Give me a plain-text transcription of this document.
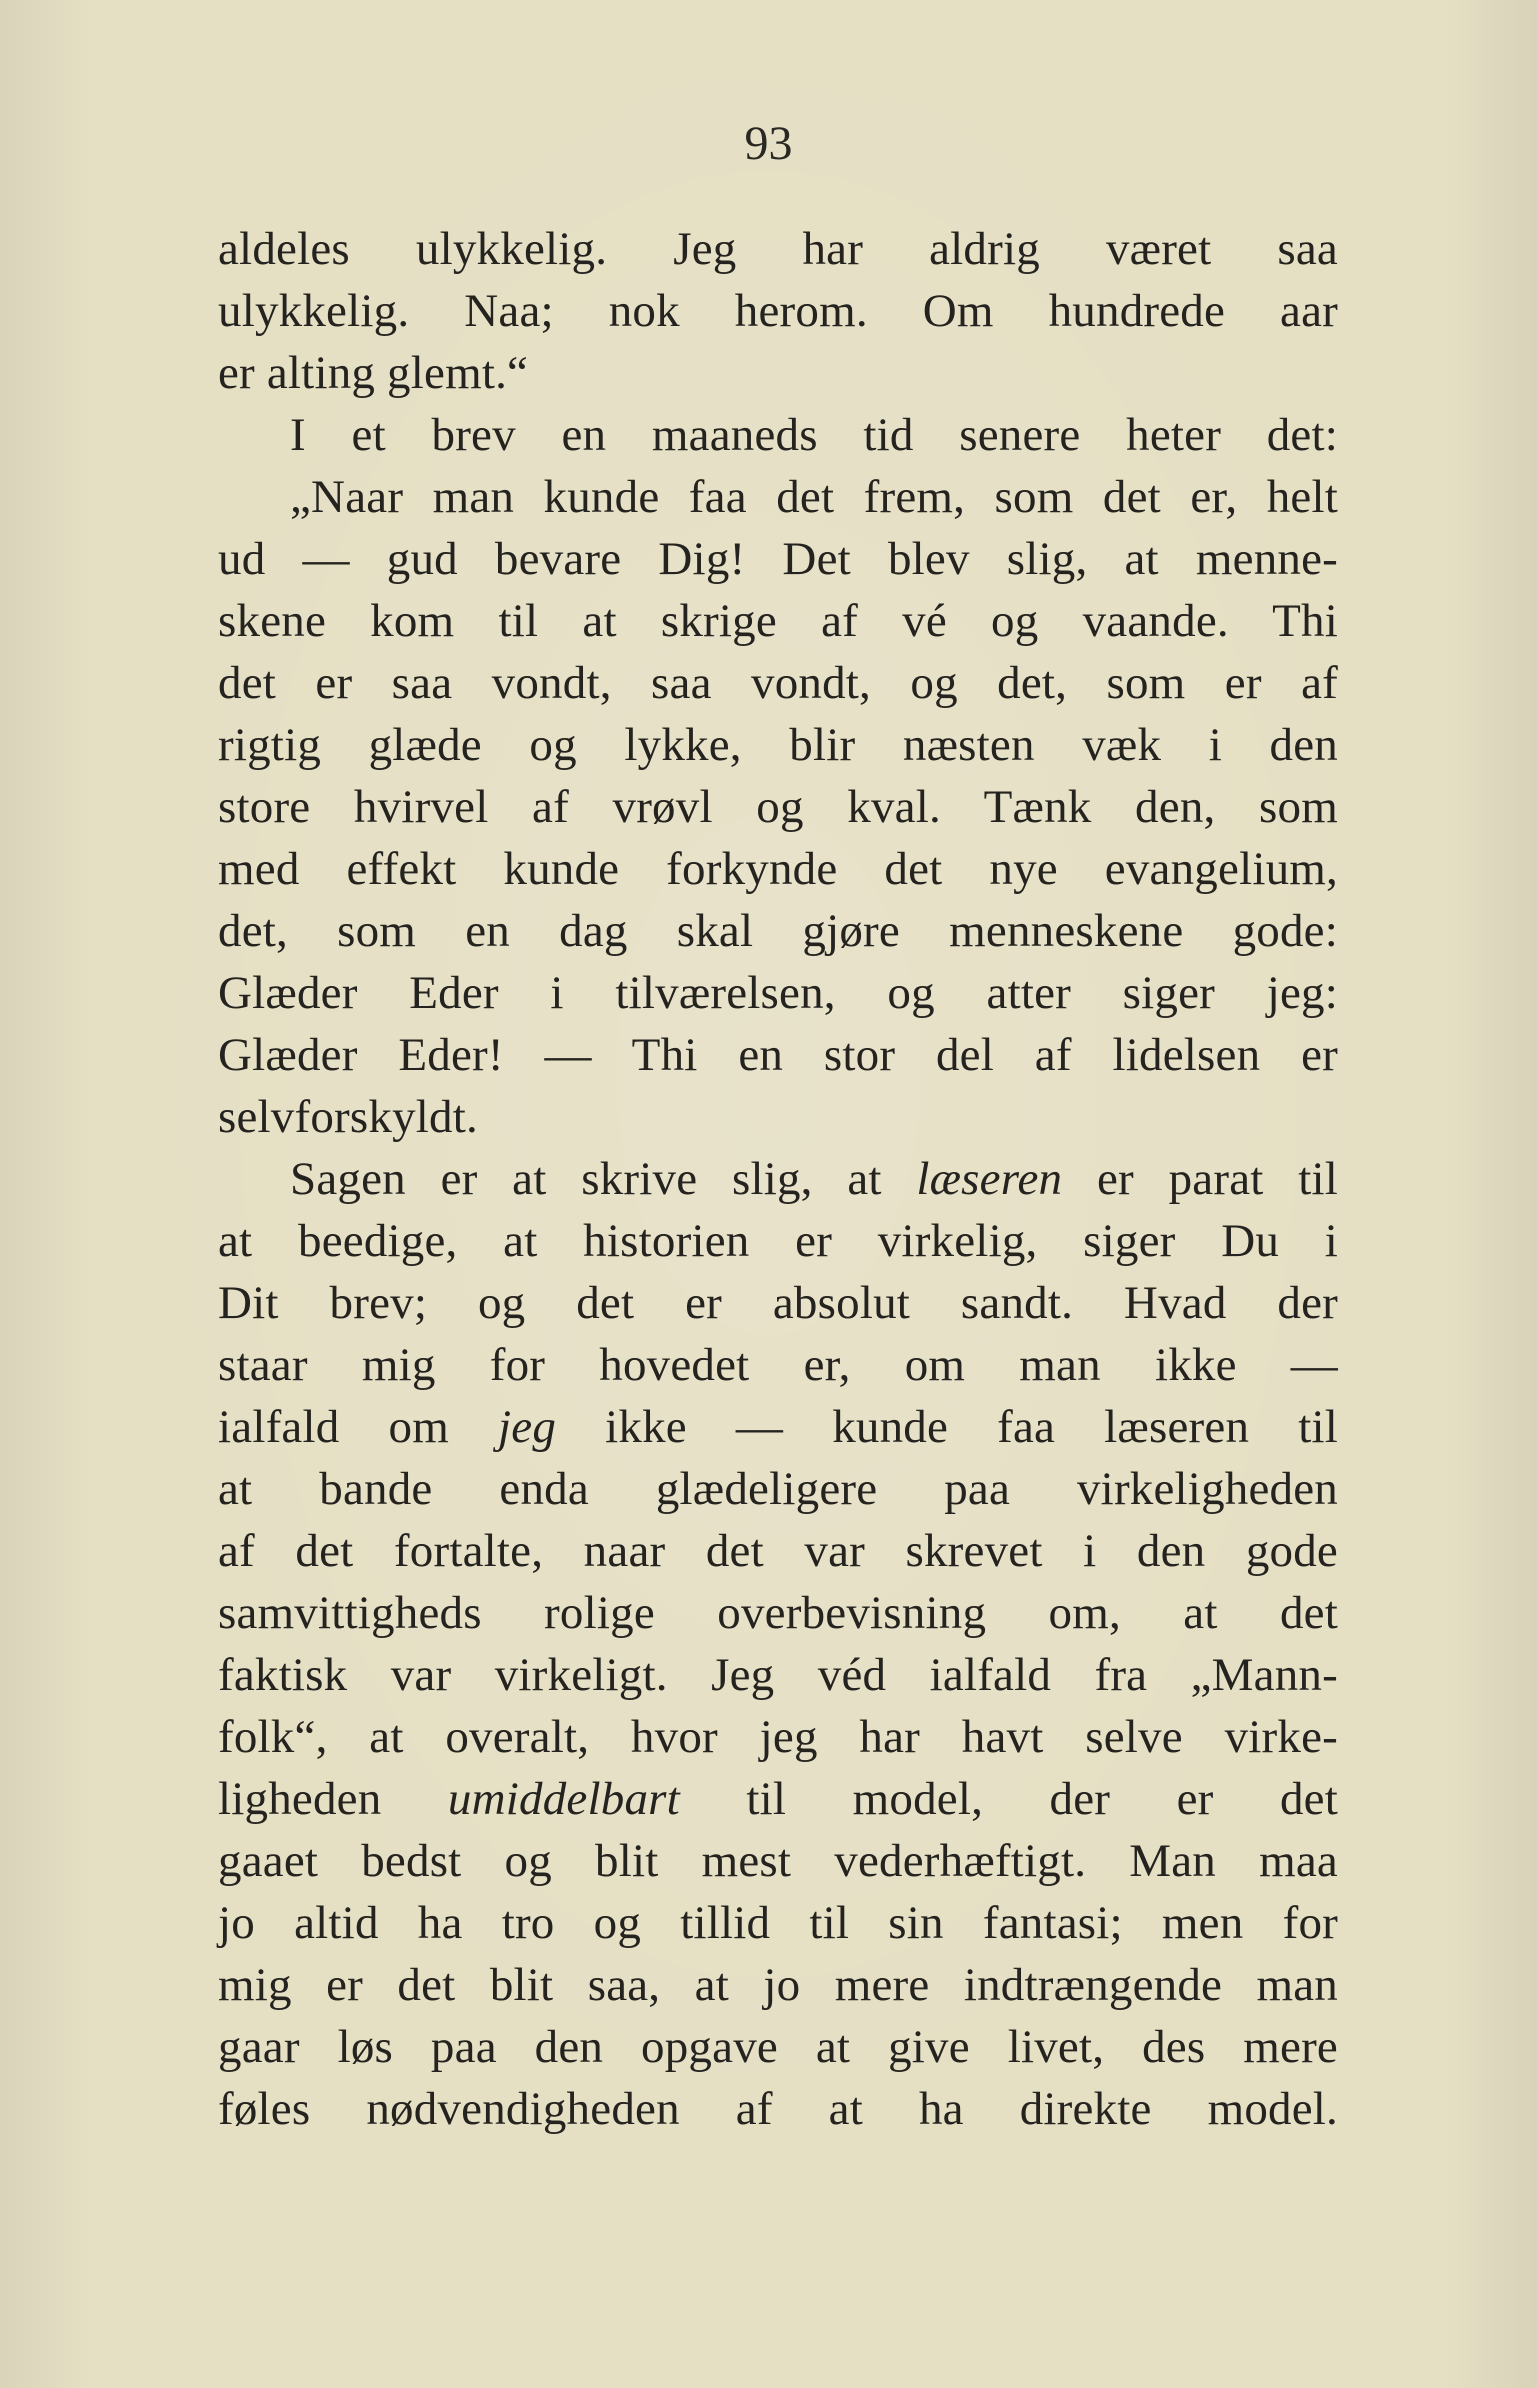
93
aldeles ulykkelig. Jeg har aldrig været saa
ulykkelig. Naa; nok herom. Om hundrede aar
er alting glemt.“
I et brev en maaneds tid senere heter det:
„Naar man kunde faa det frem, som det er, helt
ud — gud bevare Dig! Det blev slig, at menne-
skene kom til at skrige af vé og vaande. Thi
det er saa vondt, saa vondt, og det, som er af
rigtig glæde og lykke, blir næsten væk i den
store hvirvel af vrøvl og kval. Tænk den, som
med effekt kunde forkynde det nye evangelium,
det, som en dag skal gjøre menneskene gode:
Glæder Eder i tilværelsen, og atter siger jeg:
Glæder Eder! — Thi en stor del af lidelsen er
selvforskyldt.
Sagen er at skrive slig, at læseren er parat til
at beedige, at historien er virkelig, siger Du i
Dit brev; og det er absolut sandt. Hvad der
staar mig for hovedet er, om man ikke —
ialfald om jeg ikke — kunde faa læseren til
at bande enda glædeligere paa virkeligheden
af det fortalte, naar det var skrevet i den gode
samvittigheds rolige overbevisning om, at det
faktisk var virkeligt. Jeg véd ialfald fra „Mann-
folk“, at overalt, hvor jeg har havt selve virke-
ligheden umiddelbart til model, der er det
gaaet bedst og blit mest vederhæftigt. Man maa
jo altid ha tro og tillid til sin fantasi; men for
mig er det blit saa, at jo mere indtrængende man
gaar løs paa den opgave at give livet, des mere
føles nødvendigheden af at ha direkte model.
